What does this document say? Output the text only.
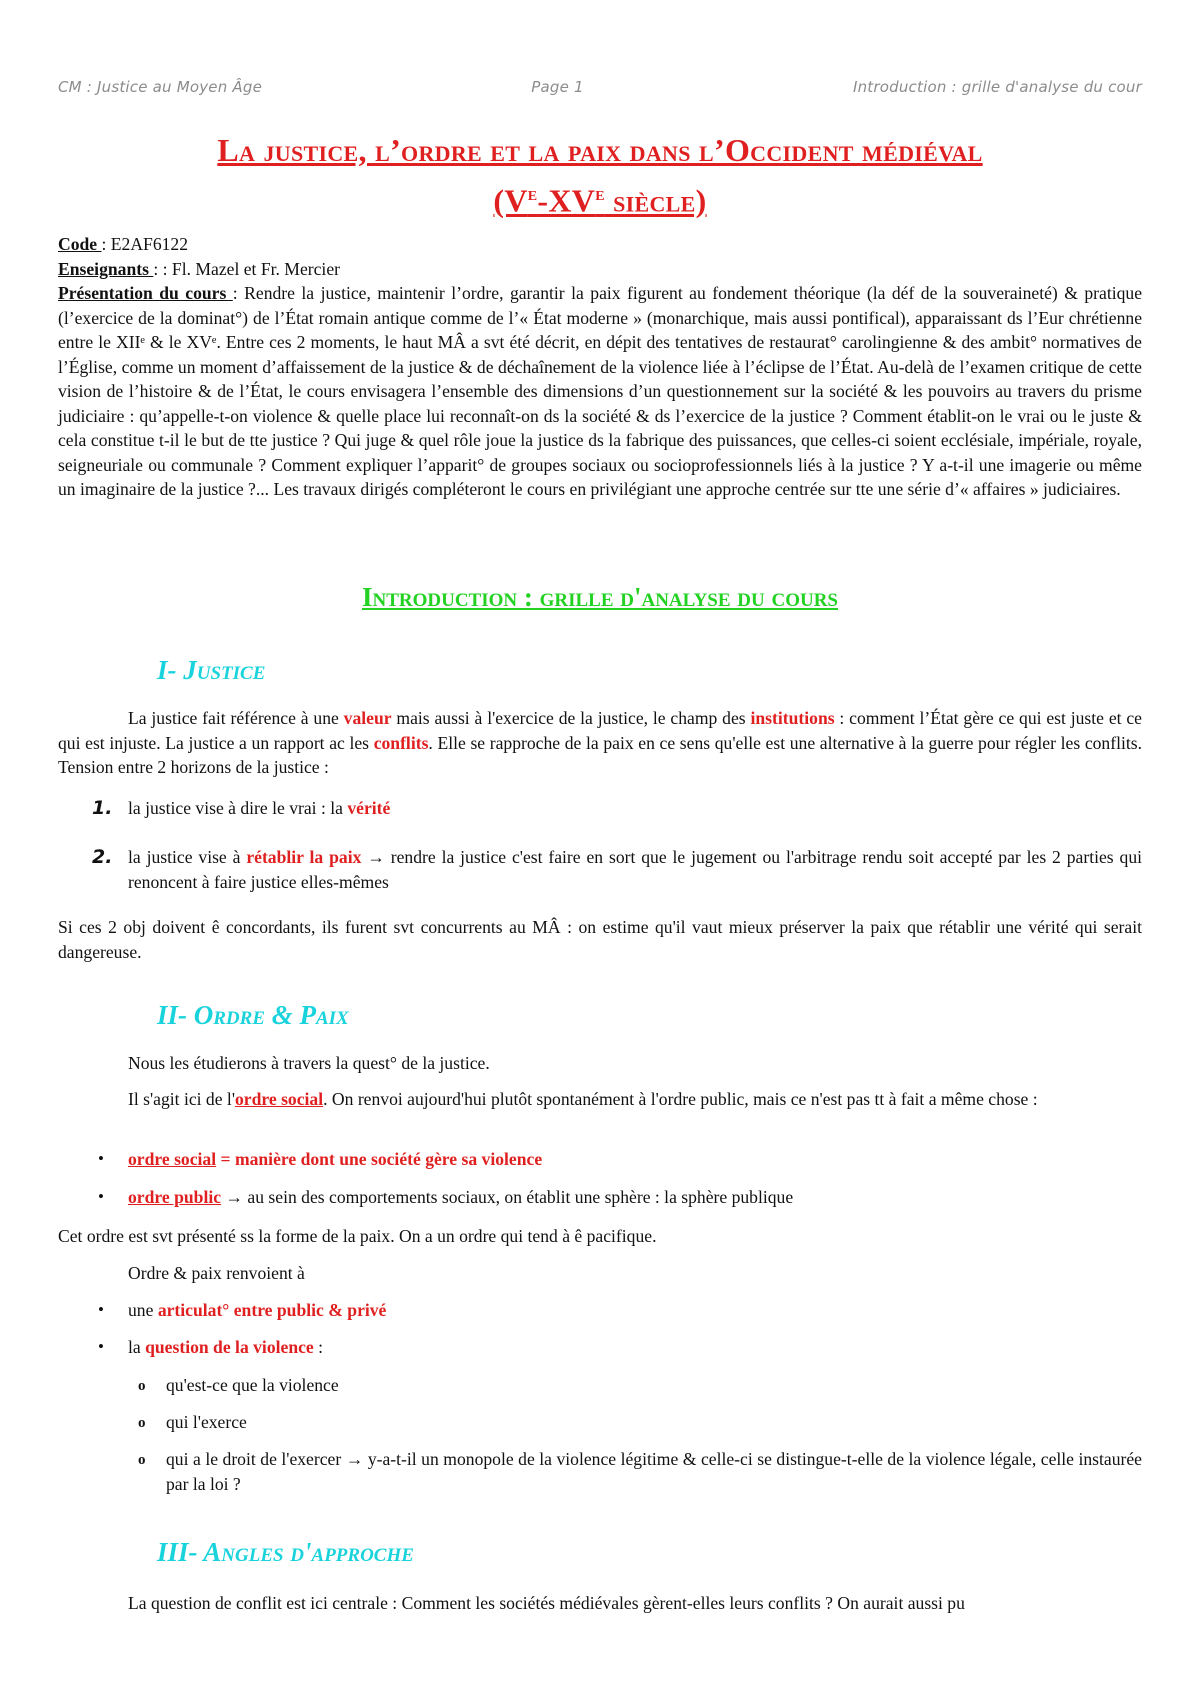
CM : Justice au Moyen Âge	Page 1	Introduction : grille d'analyse du cour
La justice, l’ordre et la paix dans l’Occident médiéval
(Ve-XVe siècle)

Code : E2AF6122

Enseignants : : Fl. Mazel et Fr. Mercier

Présentation du cours : Rendre la justice, maintenir l’ordre, garantir la paix figurent au fondement théorique (la déf de la souveraineté) & pratique (l’exercice de la dominat°) de l’État romain antique comme de l’« État moderne » (monarchique, mais aussi pontifical), apparaissant ds l’Eur chrétienne entre le XIIᵉ & le XVᵉ. Entre ces 2 moments, le haut MÂ a svt été décrit, en dépit des tentatives de restaurat° carolingienne & des ambit° normatives de l’Église, comme un moment d’affaissement de la justice & de déchaînement de la violence liée à l’éclipse de l’État. Au-delà de l’examen critique de cette vision de l’histoire & de l’État, le cours envisagera l’ensemble des dimensions d’un questionnement sur la société & les pouvoirs au travers du prisme judiciaire : qu’appelle-t-on violence & quelle place lui reconnaît-on ds la société & ds l’exercice de la justice ? Comment établit-on le vrai ou le juste & cela constitue t-il le but de tte justice ? Qui juge & quel rôle joue la justice ds la fabrique des puissances, que celles-ci soient ecclésiale, impériale, royale, seigneuriale ou communale ? Comment expliquer l’apparit° de groupes sociaux ou socioprofessionnels liés à la justice ? Y a-t-il une imagerie ou même un imaginaire de la justice ?... Les travaux dirigés compléteront le cours en privilégiant une approche centrée sur tte une série d’« affaires » judiciaires.

Introduction : grille d'analyse du cours
I- Justice

La justice fait référence à une valeur mais aussi à l'exercice de la justice, le champ des institutions : comment l’État gère ce qui est juste et ce qui est injuste. La justice a un rapport ac les conflits. Elle se rapproche de la paix en ce sens qu'elle est une alternative à la guerre pour régler les conflits. Tension entre 2 horizons de la justice :

1. la justice vise à dire le vrai : la vérité
2. la justice vise à rétablir la paix → rendre la justice c'est faire en sort que le jugement ou l'arbitrage rendu soit accepté par les 2 parties qui renoncent à faire justice elles-mêmes

Si ces 2 obj doivent ê concordants, ils furent svt concurrents au MÂ : on estime qu'il vaut mieux préserver la paix que rétablir une vérité qui serait dangereuse.

II- Ordre & Paix

Nous les étudierons à travers la quest° de la justice.

Il s'agit ici de l'ordre social. On renvoi aujourd'hui plutôt spontanément à l'ordre public, mais ce n'est pas tt à fait a même chose :

• ordre social = manière dont une société gère sa violence
• ordre public → au sein des comportements sociaux, on établit une sphère : la sphère publique

Cet ordre est svt présenté ss la forme de la paix. On a un ordre qui tend à ê pacifique.

Ordre & paix renvoient à

• une articulat° entre public & privé
• la question de la violence :
o qu'est-ce que la violence
o qui l'exerce
o qui a le droit de l'exercer → y-a-t-il un monopole de la violence légitime & celle-ci se distingue-t-elle de la violence légale, celle instaurée par la loi ?
III- Angles d'approche

La question de conflit est ici centrale : Comment les sociétés médiévales gèrent-elles leurs conflits ? On aurait aussi pu
